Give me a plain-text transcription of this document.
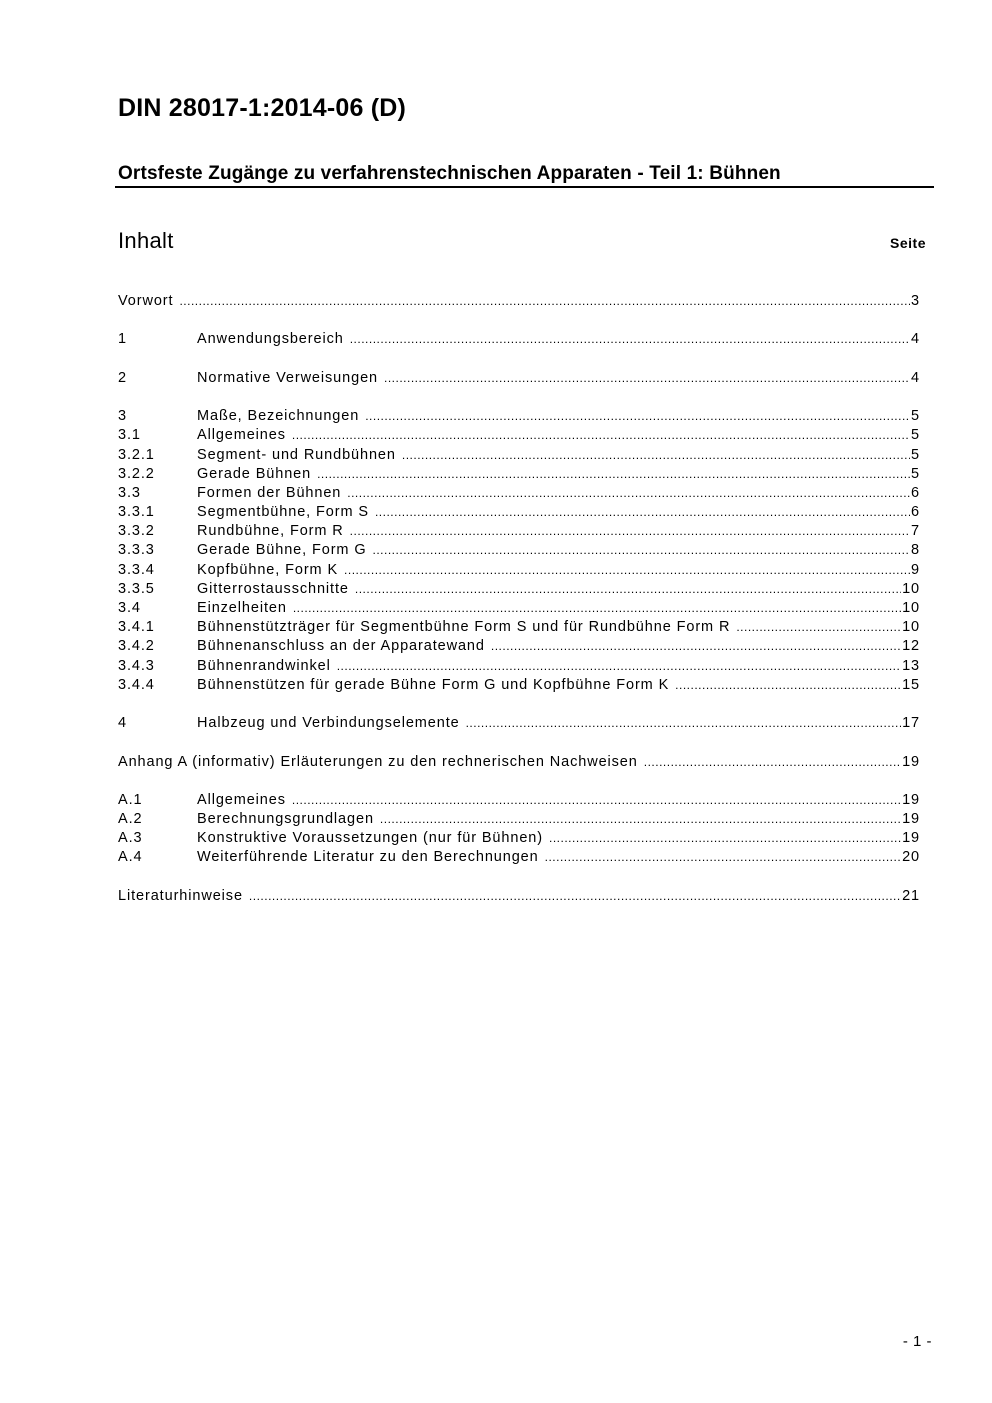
DIN 28017-1:2014-06 (D)
Ortsfeste Zugänge zu verfahrenstechnischen Apparaten - Teil 1: Bühnen
Inhalt	Seite
Vorwort .....	3
1	Anwendungsbereich .....	4
2	Normative Verweisungen .....	4
3	Maße, Bezeichnungen .....	5
3.1	Allgemeines .....	5
3.2.1	Segment- und Rundbühnen .....	5
3.2.2	Gerade Bühnen .....	5
3.3	Formen der Bühnen .....	6
3.3.1	Segmentbühne, Form S .....	6
3.3.2	Rundbühne, Form R .....	7
3.3.3	Gerade Bühne, Form G .....	8
3.3.4	Kopfbühne, Form K .....	9
3.3.5	Gitterrostausschnitte .....	10
3.4	Einzelheiten .....	10
3.4.1	Bühnenstützträger für Segmentbühne Form S und für Rundbühne Form R .....	10
3.4.2	Bühnenanschluss an der Apparatewand .....	12
3.4.3	Bühnenrandwinkel .....	13
3.4.4	Bühnenstützen für gerade Bühne Form G und Kopfbühne Form K .....	15
4	Halbzeug und Verbindungselemente .....	17
Anhang A (informativ) Erläuterungen zu den rechnerischen Nachweisen .....	19
A.1	Allgemeines .....	19
A.2	Berechnungsgrundlagen .....	19
A.3	Konstruktive Voraussetzungen (nur für Bühnen) .....	19
A.4	Weiterführende Literatur zu den Berechnungen .....	20
Literaturhinweise .....	21
- 1 -
